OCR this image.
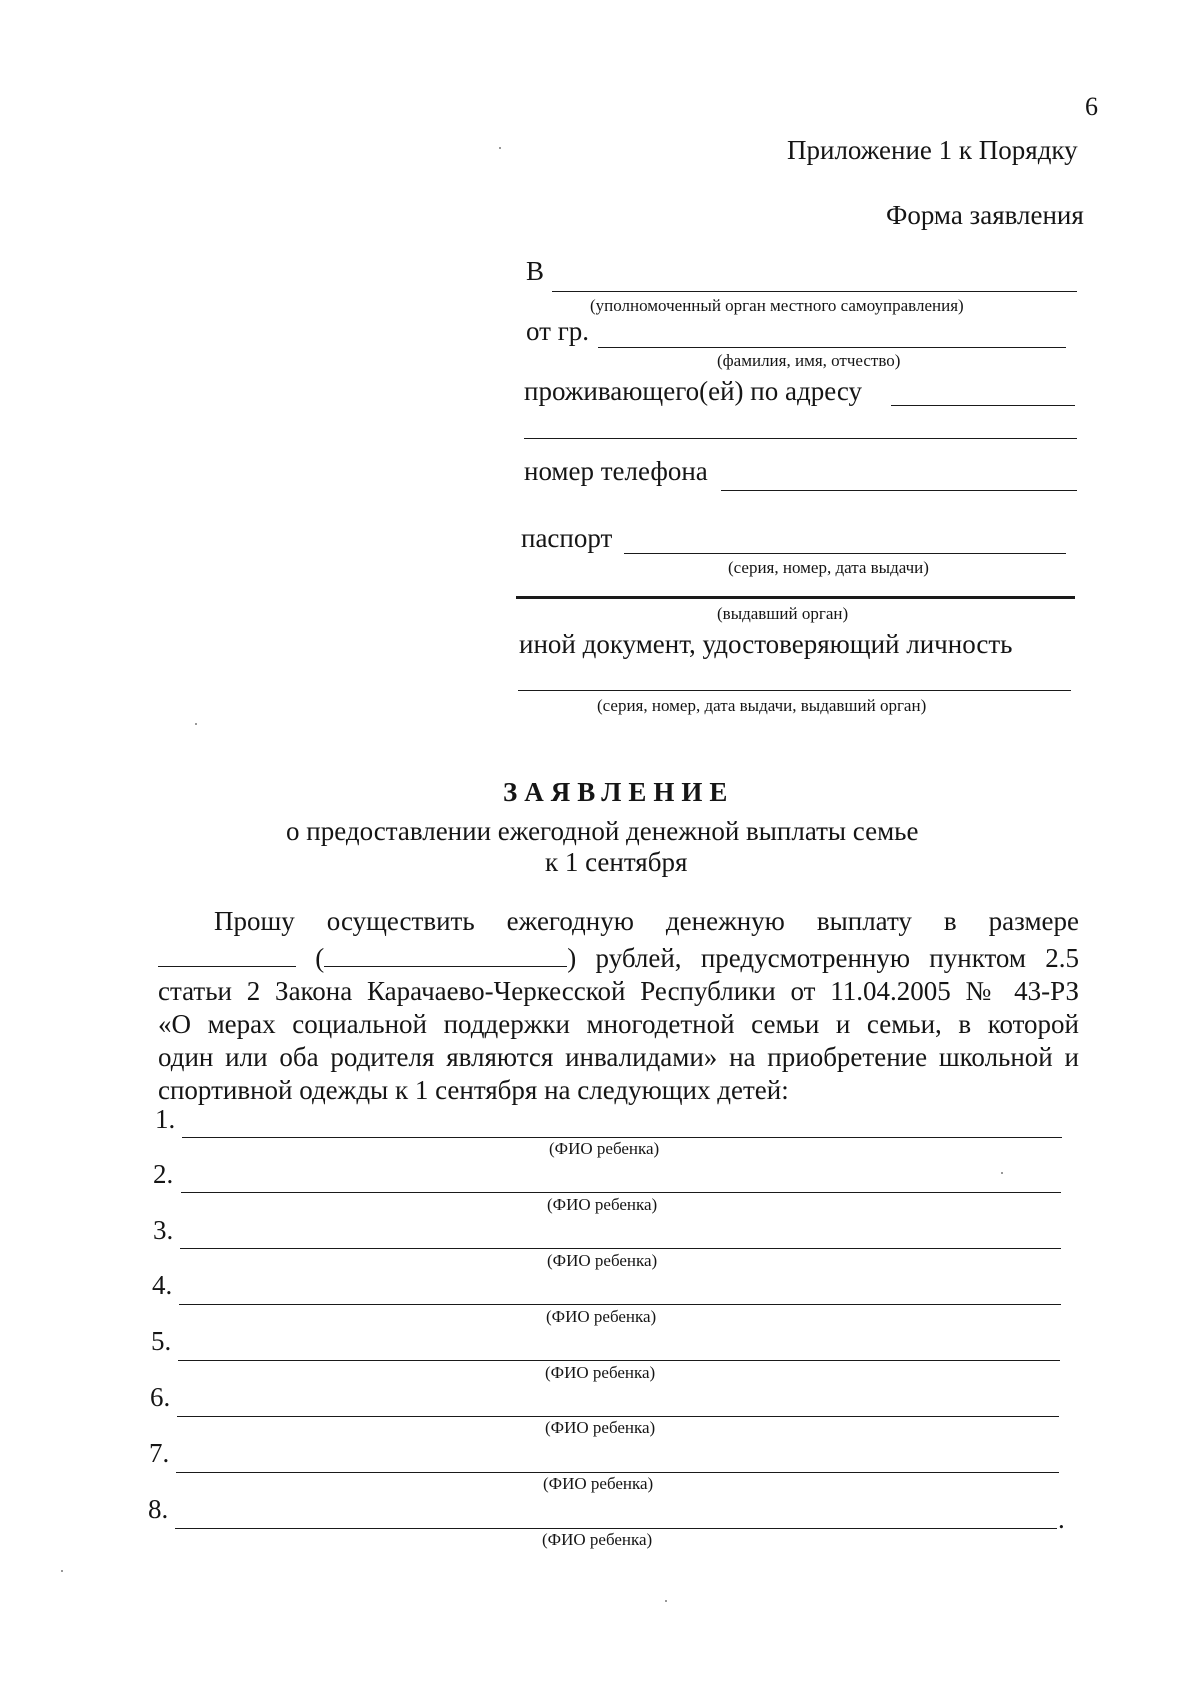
6
Приложение 1 к Порядку
Форма заявления
В
(уполномоченный орган местного самоуправления)
от гр.
(фамилия, имя, отчество)
проживающего(ей) по адресу
номер телефона
паспорт
(серия, номер, дата выдачи)
(выдавший орган)
иной документ, удостоверяющий личность
(серия, номер, дата выдачи, выдавший орган)
ЗАЯВЛЕНИЕ
о предоставлении ежегодной денежной выплаты семье
к 1 сентября
Прошу осуществить ежегодную денежную выплату в размере
(	) рублей, предусмотренную пунктом 2.5
статьи 2 Закона Карачаево-Черкесской Республики от 11.04.2005 № 43-РЗ
«О мерах социальной поддержки многодетной семьи и семьи, в которой
один или оба родителя являются инвалидами» на приобретение школьной и
спортивной одежды к 1 сентября на следующих детей:
1.
(ФИО ребенка)
2.
(ФИО ребенка)
3.
(ФИО ребенка)
4.
(ФИО ребенка)
5.
(ФИО ребенка)
6.
(ФИО ребенка)
7.
(ФИО ребенка)
8.	.
(ФИО ребенка)
